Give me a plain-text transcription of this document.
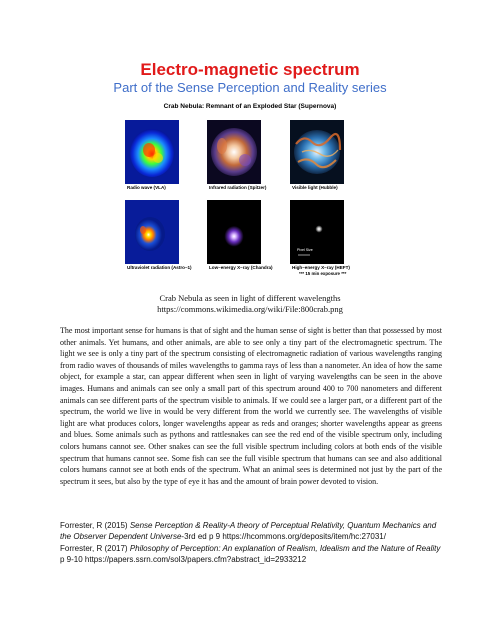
Electro-magnetic spectrum
Part of the Sense Perception and Reality series
Crab Nebula: Remnant of an Exploded Star (Supernova)
Radio wave (VLA)	Infrared radiation (Spitzer)	Visible light (Hubble)
Ultraviolet radiation (Astro–1)	Low–energy X–ray (Chandra)
Pixel Size
High–energy X–ray (HEFT)
*** 15 min exposure ***
Crab Nebula as seen in light of different wavelengths
https://commons.wikimedia.org/wiki/File:800crab.png

The most important sense for humans is that of sight and the human sense of sight is better than that possessed by most other animals. Yet humans, and other animals, are able to see only a tiny part of the electromagnetic spectrum. The light we see is only a tiny part of the spectrum consisting of electromagnetic radiation of various wavelengths ranging from radio waves of thousands of miles wavelengths to gamma rays of less than a nanometer. An idea of how the same object, for example a star, can appear different when seen in light of varying wavelengths can be seen in the above images. Humans and animals can see only a small part of this spectrum around 400 to 700 nanometers and different animals can see different parts of the spectrum visible to animals. If we could see a larger part, or a different part of the spectrum, the world we live in would be very different from the world we currently see. The wavelengths of visible light are what produces colors, longer wavelengths appear as reds and oranges; shorter wavelengths appear as greens and blues. Some animals such as pythons and rattlesnakes can see the red end of the visible spectrum only, including colors humans cannot see. Other snakes can see the full visible spectrum including colors at both ends of the visible spectrum that humans cannot see. Some fish can see the full visible spectrum that humans can see and also additional colors humans cannot see at both ends of the spectrum. What an animal sees is determined not just by the part of the spectrum it sees, but also by the type of eye it has and the amount of brain power devoted to vision.

Forrester, R (2015) Sense Perception & Reality-A theory of Perceptual Relativity, Quantum Mechanics and the Observer Dependent Universe-3rd ed p 9 https://hcommons.org/deposits/item/hc:27031/
Forrester, R (2017) Philosophy of Perception: An explanation of Realism, Idealism and the Nature of Reality p 9-10 https://papers.ssrn.com/sol3/papers.cfm?abstract_id=2933212
